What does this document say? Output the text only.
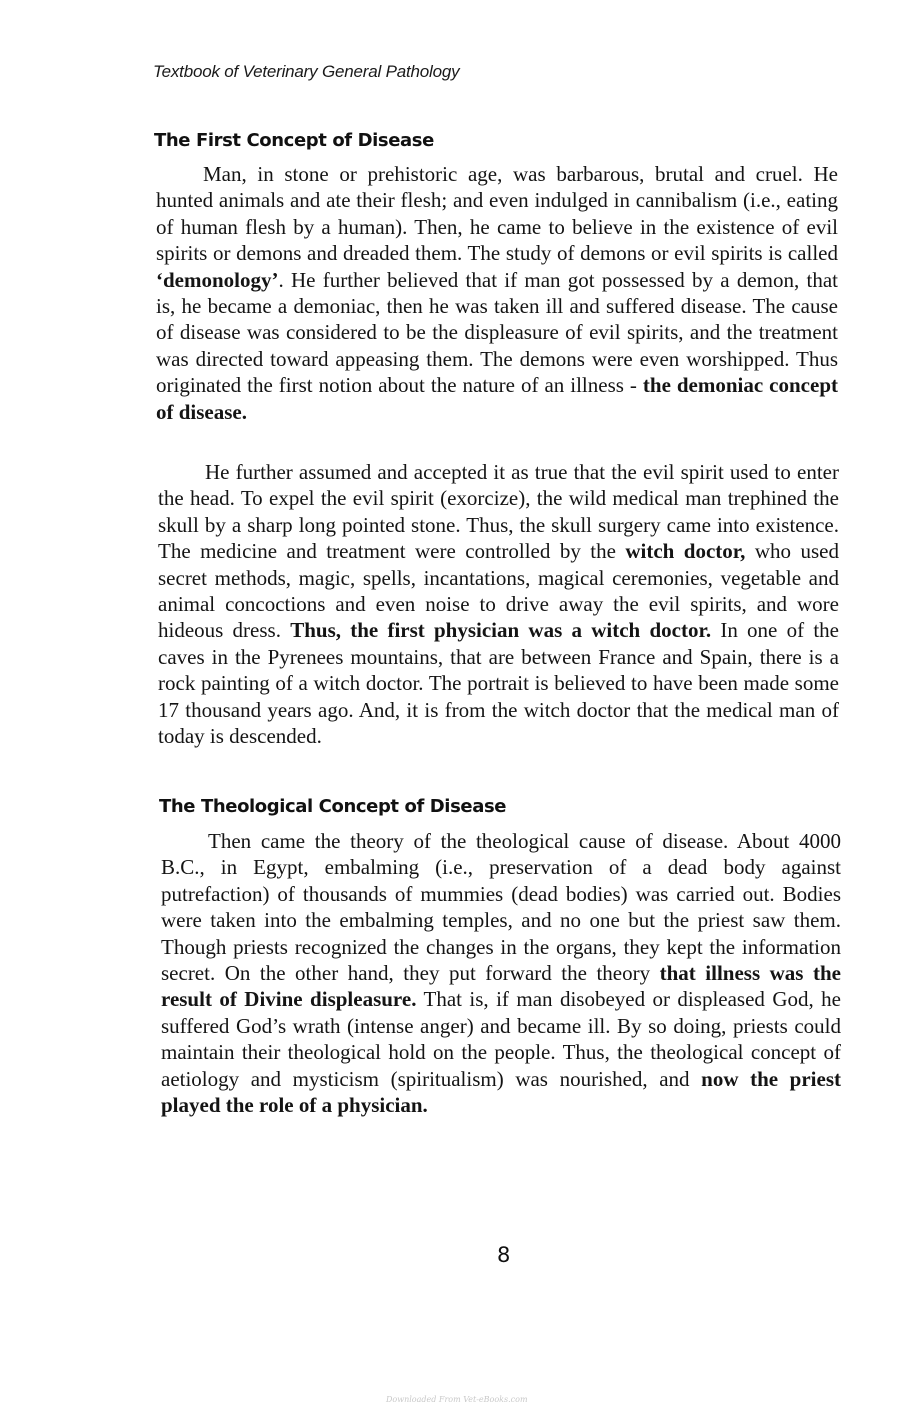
Textbook of Veterinary General Pathology
The First Concept of Disease

Man, in stone or prehistoric age, was barbarous, brutal and cruel. He hunted animals and ate their flesh; and even indulged in cannibalism (i.e., eating of human flesh by a human). Then, he came to believe in the existence of evil spirits or demons and dreaded them. The study of demons or evil spirits is called ‘demonology’. He further believed that if man got possessed by a demon, that is, he became a demoniac, then he was taken ill and suffered disease. The cause of disease was considered to be the displeasure of evil spirits, and the treatment was directed toward appeasing them. The demons were even worshipped. Thus originated the first notion about the nature of an illness - the demoniac concept of disease.

He further assumed and accepted it as true that the evil spirit used to enter the head. To expel the evil spirit (exorcize), the wild medical man trephined the skull by a sharp long pointed stone. Thus, the skull surgery came into existence. The medicine and treatment were controlled by the witch doctor, who used secret methods, magic, spells, incantations, magical ceremonies, vegetable and animal concoctions and even noise to drive away the evil spirits, and wore hideous dress. Thus, the first physician was a witch doctor. In one of the caves in the Pyrenees mountains, that are between France and Spain, there is a rock painting of a witch doctor. The portrait is believed to have been made some 17 thousand years ago. And, it is from the witch doctor that the medical man of today is descended.

The Theological Concept of Disease

Then came the theory of the theological cause of disease. About 4000 B.C., in Egypt, embalming (i.e., preservation of a dead body against putrefaction) of thousands of mummies (dead bodies) was carried out. Bodies were taken into the embalming temples, and no one but the priest saw them. Though priests recognized the changes in the organs, they kept the information secret. On the other hand, they put forward the theory that illness was the result of Divine displeasure. That is, if man disobeyed or displeased God, he suffered God’s wrath (intense anger) and became ill. By so doing, priests could maintain their theological hold on the people. Thus, the theological concept of aetiology and mysticism (spiritualism) was nourished, and now the priest played the role of a physician.

8
Downloaded From Vet-eBooks.com
